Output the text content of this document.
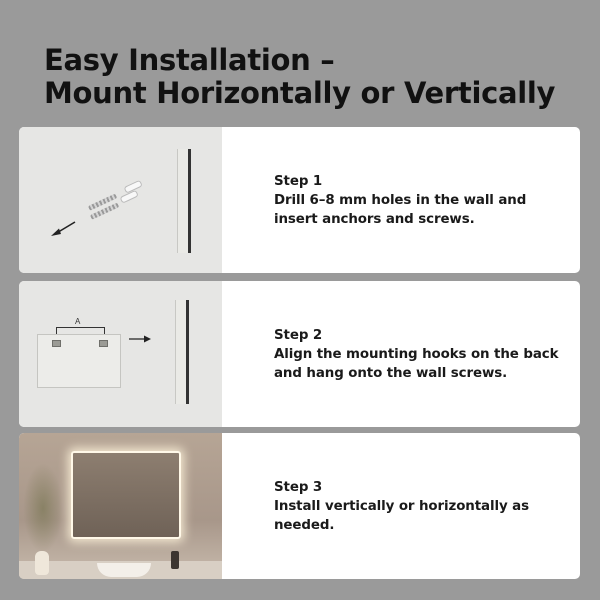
Easy Installation –
Mount Horizontally or Vertically
Step 1
Drill 6–8 mm holes in the wall and insert anchors and screws.
A
Step 2
Align the mounting hooks on the back and hang onto the wall screws.
Step 3
Install vertically or horizontally as needed.
